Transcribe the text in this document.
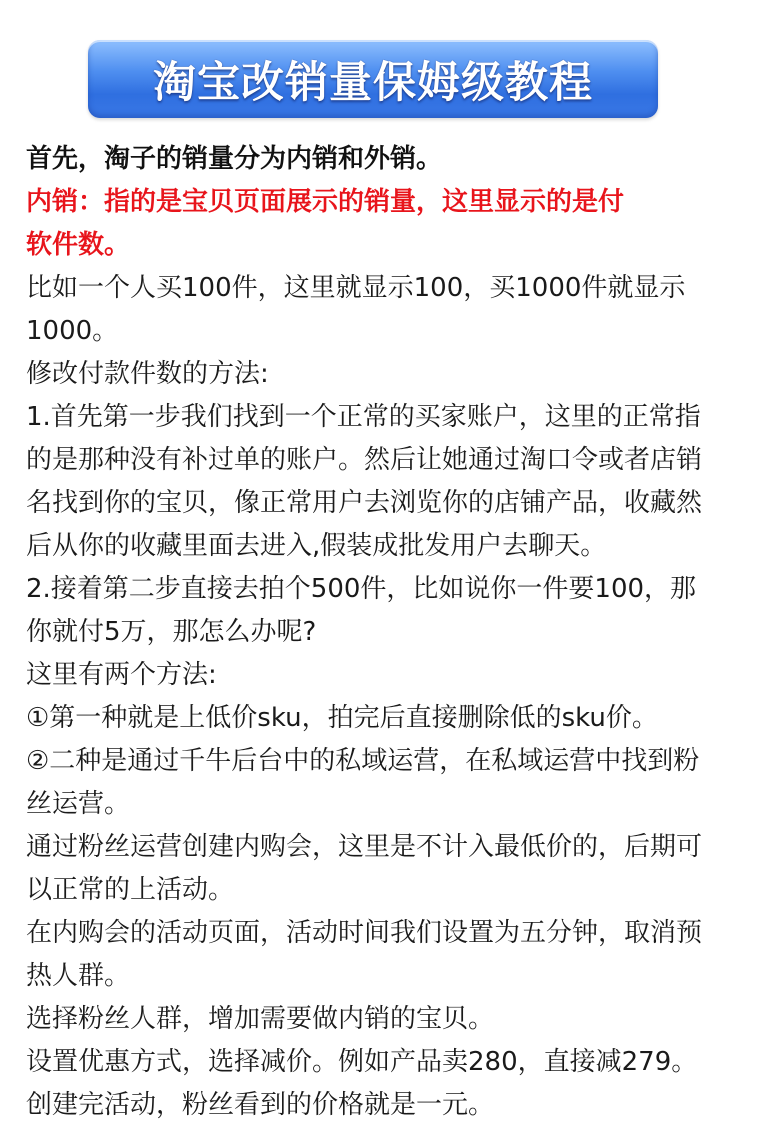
淘宝改销量保姆级教程
首先，淘子的销量分为内销和外销。
内销：指的是宝贝页面展示的销量，这里显示的是付
软件数。
比如一个人买100件，这里就显示100，买1000件就显示
1000。
修改付款件数的方法:
1.首先第一步我们找到一个正常的买家账户，这里的正常指
的是那种没有补过单的账户。然后让她通过淘口令或者店销
名找到你的宝贝，像正常用户去浏览你的店铺产品，收藏然
后从你的收藏里面去进入,假装成批发用户去聊天。
2.接着第二步直接去拍个500件，比如说你一件要100，那
你就付5万，那怎么办呢?
这里有两个方法:
①第一种就是上低价sku，拍完后直接删除低的sku价。
②二种是通过千牛后台中的私域运营，在私域运营中找到粉
丝运营。
通过粉丝运营创建内购会，这里是不计入最低价的，后期可
以正常的上活动。
在内购会的活动页面，活动时间我们设置为五分钟，取消预
热人群。
选择粉丝人群，增加需要做内销的宝贝。
设置优惠方式，选择减价。例如产品卖280，直接减279。
创建完活动，粉丝看到的价格就是一元。
